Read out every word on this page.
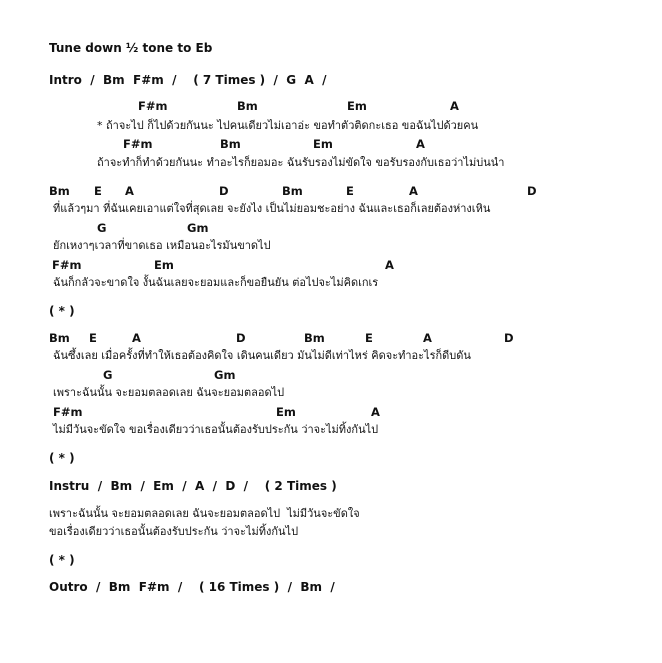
Tune down ½ tone to Eb
Intro  /  Bm  F#m  /    ( 7 Times )  /  G  A  /

F#m

	Bm

	Em

	A

* ถ้าจะไป ก็ไปด้วยกันนะ ไปคนเดียวไม่เอาอ่ะ ขอทำตัวติดกะเธอ ขอฉันไปด้วยคน

F#m

	Bm

	Em

	A

ถ้าจะทำก็ทำด้วยกันนะ ทำอะไรก็ยอมอะ ฉันรับรองไม่ขัดใจ ขอรับรองกับเธอว่าไม่บ่นนำ

Bm

E

A

	D

	Bm

	E

	A

	D

ที่แล้วๆมา ที่ฉันเคยเอาแต่ใจที่สุดเลย จะยังไง เป็นไม่ยอมชะอย่าง ฉันและเธอก็เลยต้องห่างเหิน

G

	Gm

ยักเหงาๆเวลาที่ขาดเธอ เหมือนอะไรมันขาดไป

F#m

	Em

	A

ฉันก็กลัวจะขาดใจ งั้นฉันเลยจะยอมและก็ขอยืนยัน ต่อไปจะไม่คิดเกเร
( * )

Bm

E

	A

	D

	Bm

	E

	A

	D

ฉันซึ้งเลย เมื่อครั้งที่ทำให้เธอต้องคิดใจ เดินคนเดียว มันไม่ดีเท่าไหร่ คิดจะทำอะไรก็ดีบดัน

G

	Gm

เพราะฉันนั้น จะยอมตลอดเลย ฉันจะยอมตลอดไป

F#m

	Em

	A

ไม่มีวันจะขัดใจ ขอเรื่องเดียวว่าเธอนั้นต้องรับประกัน ว่าจะไม่ทิ้งกันไป
( * )
Instru  /  Bm  /  Em  /  A  /  D  /    ( 2 Times )
เพราะฉันนั้น จะยอมตลอดเลย ฉันจะยอมตลอดไป  ไม่มีวันจะขัดใจ
ขอเรื่องเดียวว่าเธอนั้นต้องรับประกัน ว่าจะไม่ทิ้งกันไป
( * )
Outro  /  Bm  F#m  /    ( 16 Times )  /  Bm  /
